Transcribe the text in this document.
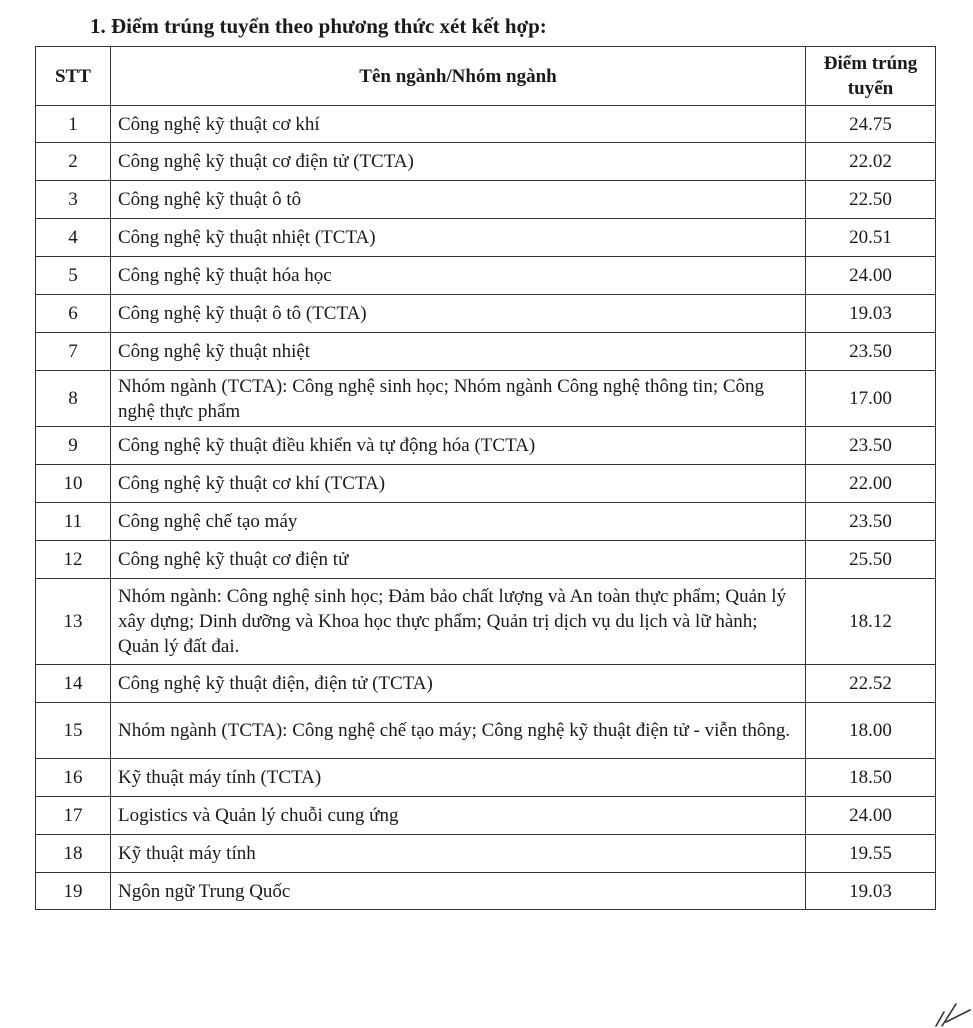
1. Điểm trúng tuyển theo phương thức xét kết hợp:
STT	Tên ngành/Nhóm ngành	Điểm trúng tuyển
1	Công nghệ kỹ thuật cơ khí	24.75
2	Công nghệ kỹ thuật cơ điện tử (TCTA)	22.02
3	Công nghệ kỹ thuật ô tô	22.50
4	Công nghệ kỹ thuật nhiệt (TCTA)	20.51
5	Công nghệ kỹ thuật hóa học	24.00
6	Công nghệ kỹ thuật ô tô (TCTA)	19.03
7	Công nghệ kỹ thuật nhiệt	23.50
8	Nhóm ngành (TCTA): Công nghệ sinh học; Nhóm ngành Công nghệ thông tin; Công nghệ thực phẩm	17.00
9	Công nghệ kỹ thuật điều khiển và tự động hóa (TCTA)	23.50
10	Công nghệ kỹ thuật cơ khí (TCTA)	22.00
11	Công nghệ chế tạo máy	23.50
12	Công nghệ kỹ thuật cơ điện tử	25.50
13	Nhóm ngành: Công nghệ sinh học; Đảm bảo chất lượng và An toàn thực phẩm; Quản lý xây dựng; Dinh dưỡng và Khoa học thực phẩm; Quản trị dịch vụ du lịch và lữ hành; Quản lý đất đai.	18.12
14	Công nghệ kỹ thuật điện, điện tử (TCTA)	22.52
15	Nhóm ngành (TCTA): Công nghệ chế tạo máy; Công nghệ kỹ thuật điện tử - viễn thông.	18.00
16	Kỹ thuật máy tính (TCTA)	18.50
17	Logistics và Quản lý chuỗi cung ứng	24.00
18	Kỹ thuật máy tính	19.55
19	Ngôn ngữ Trung Quốc	19.03
